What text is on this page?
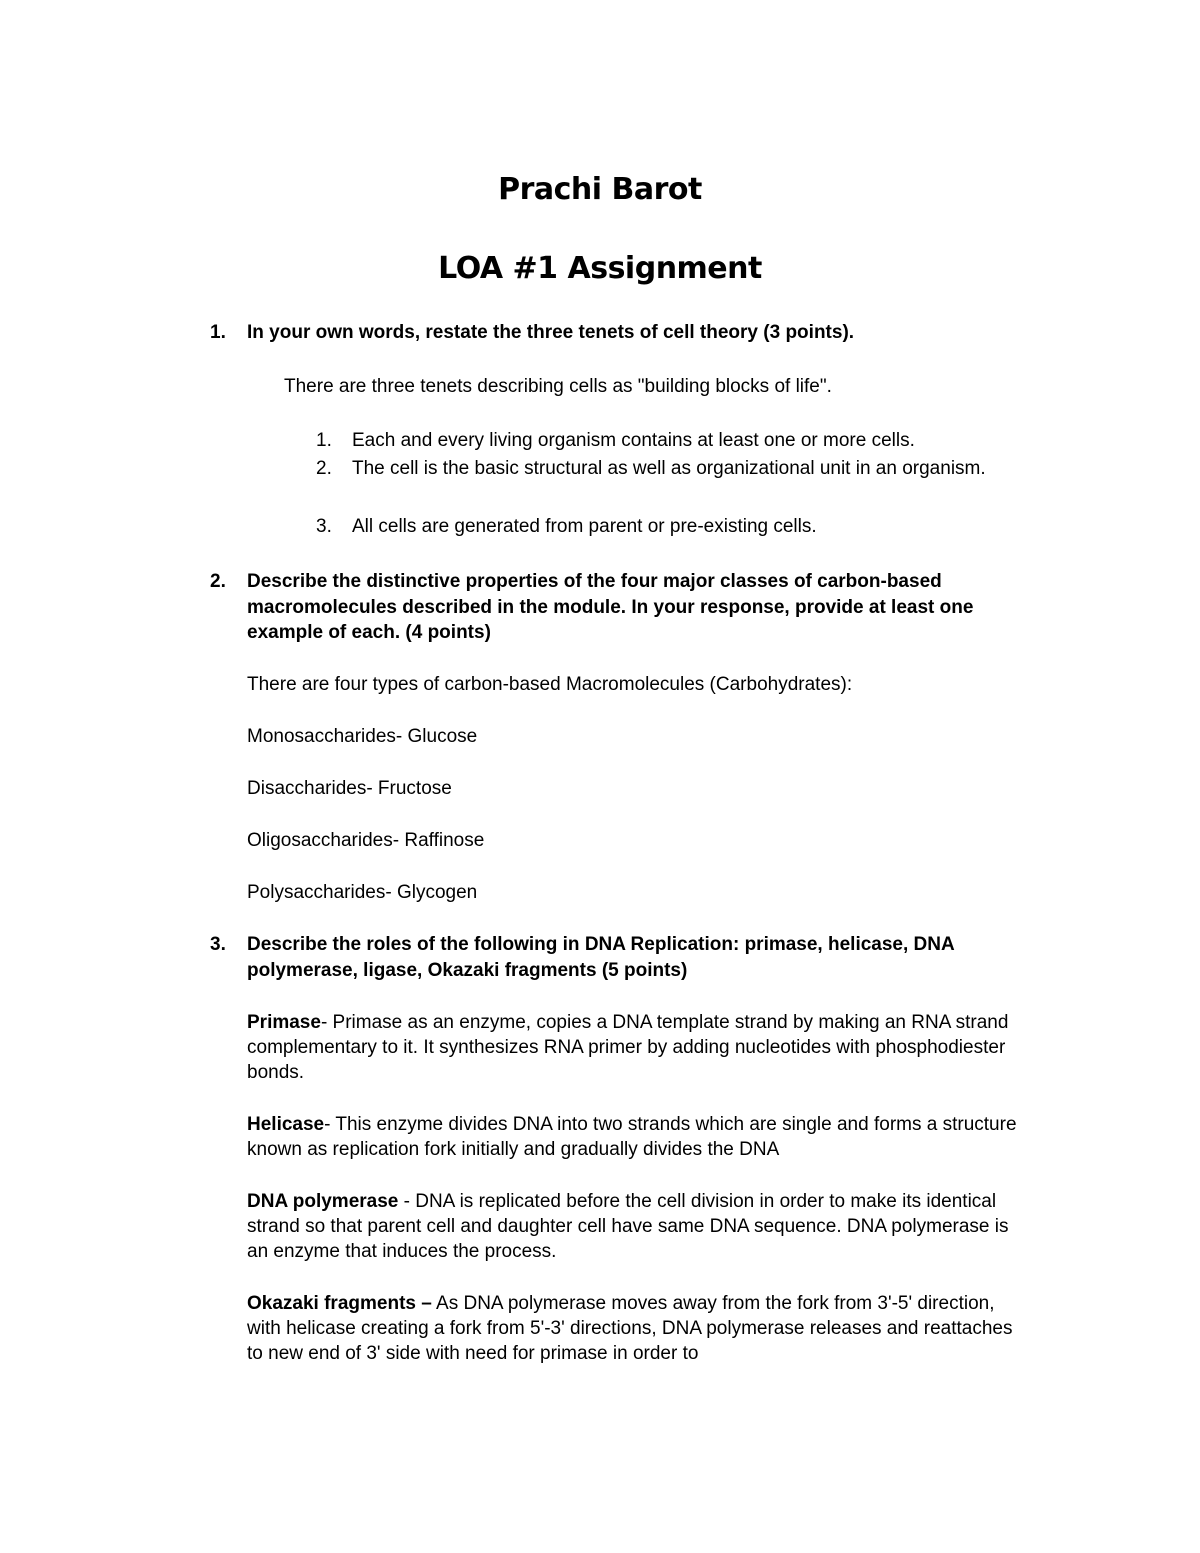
Prachi Barot
LOA #1 Assignment
1. In your own words, restate the three tenets of cell theory (3 points).
There are three tenets describing cells as "building blocks of life".
1. Each and every living organism contains at least one or more cells.
2. The cell is the basic structural as well as organizational unit in an organism.
3. All cells are generated from parent or pre-existing cells.
2. Describe the distinctive properties of the four major classes of carbon-based macromolecules described in the module. In your response, provide at least one example of each. (4 points)
There are four types of carbon-based Macromolecules (Carbohydrates):
Monosaccharides- Glucose
Disaccharides- Fructose
Oligosaccharides- Raffinose
Polysaccharides- Glycogen
3. Describe the roles of the following in DNA Replication: primase, helicase, DNA polymerase, ligase, Okazaki fragments (5 points)
Primase- Primase as an enzyme, copies a DNA template strand by making an RNA strand complementary to it. It synthesizes RNA primer by adding nucleotides with phosphodiester bonds.
Helicase- This enzyme divides DNA into two strands which are single and forms a structure known as replication fork initially and gradually divides the DNA
DNA polymerase - DNA is replicated before the cell division in order to make its identical strand so that parent cell and daughter cell have same DNA sequence. DNA polymerase is an enzyme that induces the process.
Okazaki fragments – As DNA polymerase moves away from the fork from 3'-5' direction, with helicase creating a fork from 5'-3' directions, DNA polymerase releases and reattaches to new end of 3' side with need for primase in order to
